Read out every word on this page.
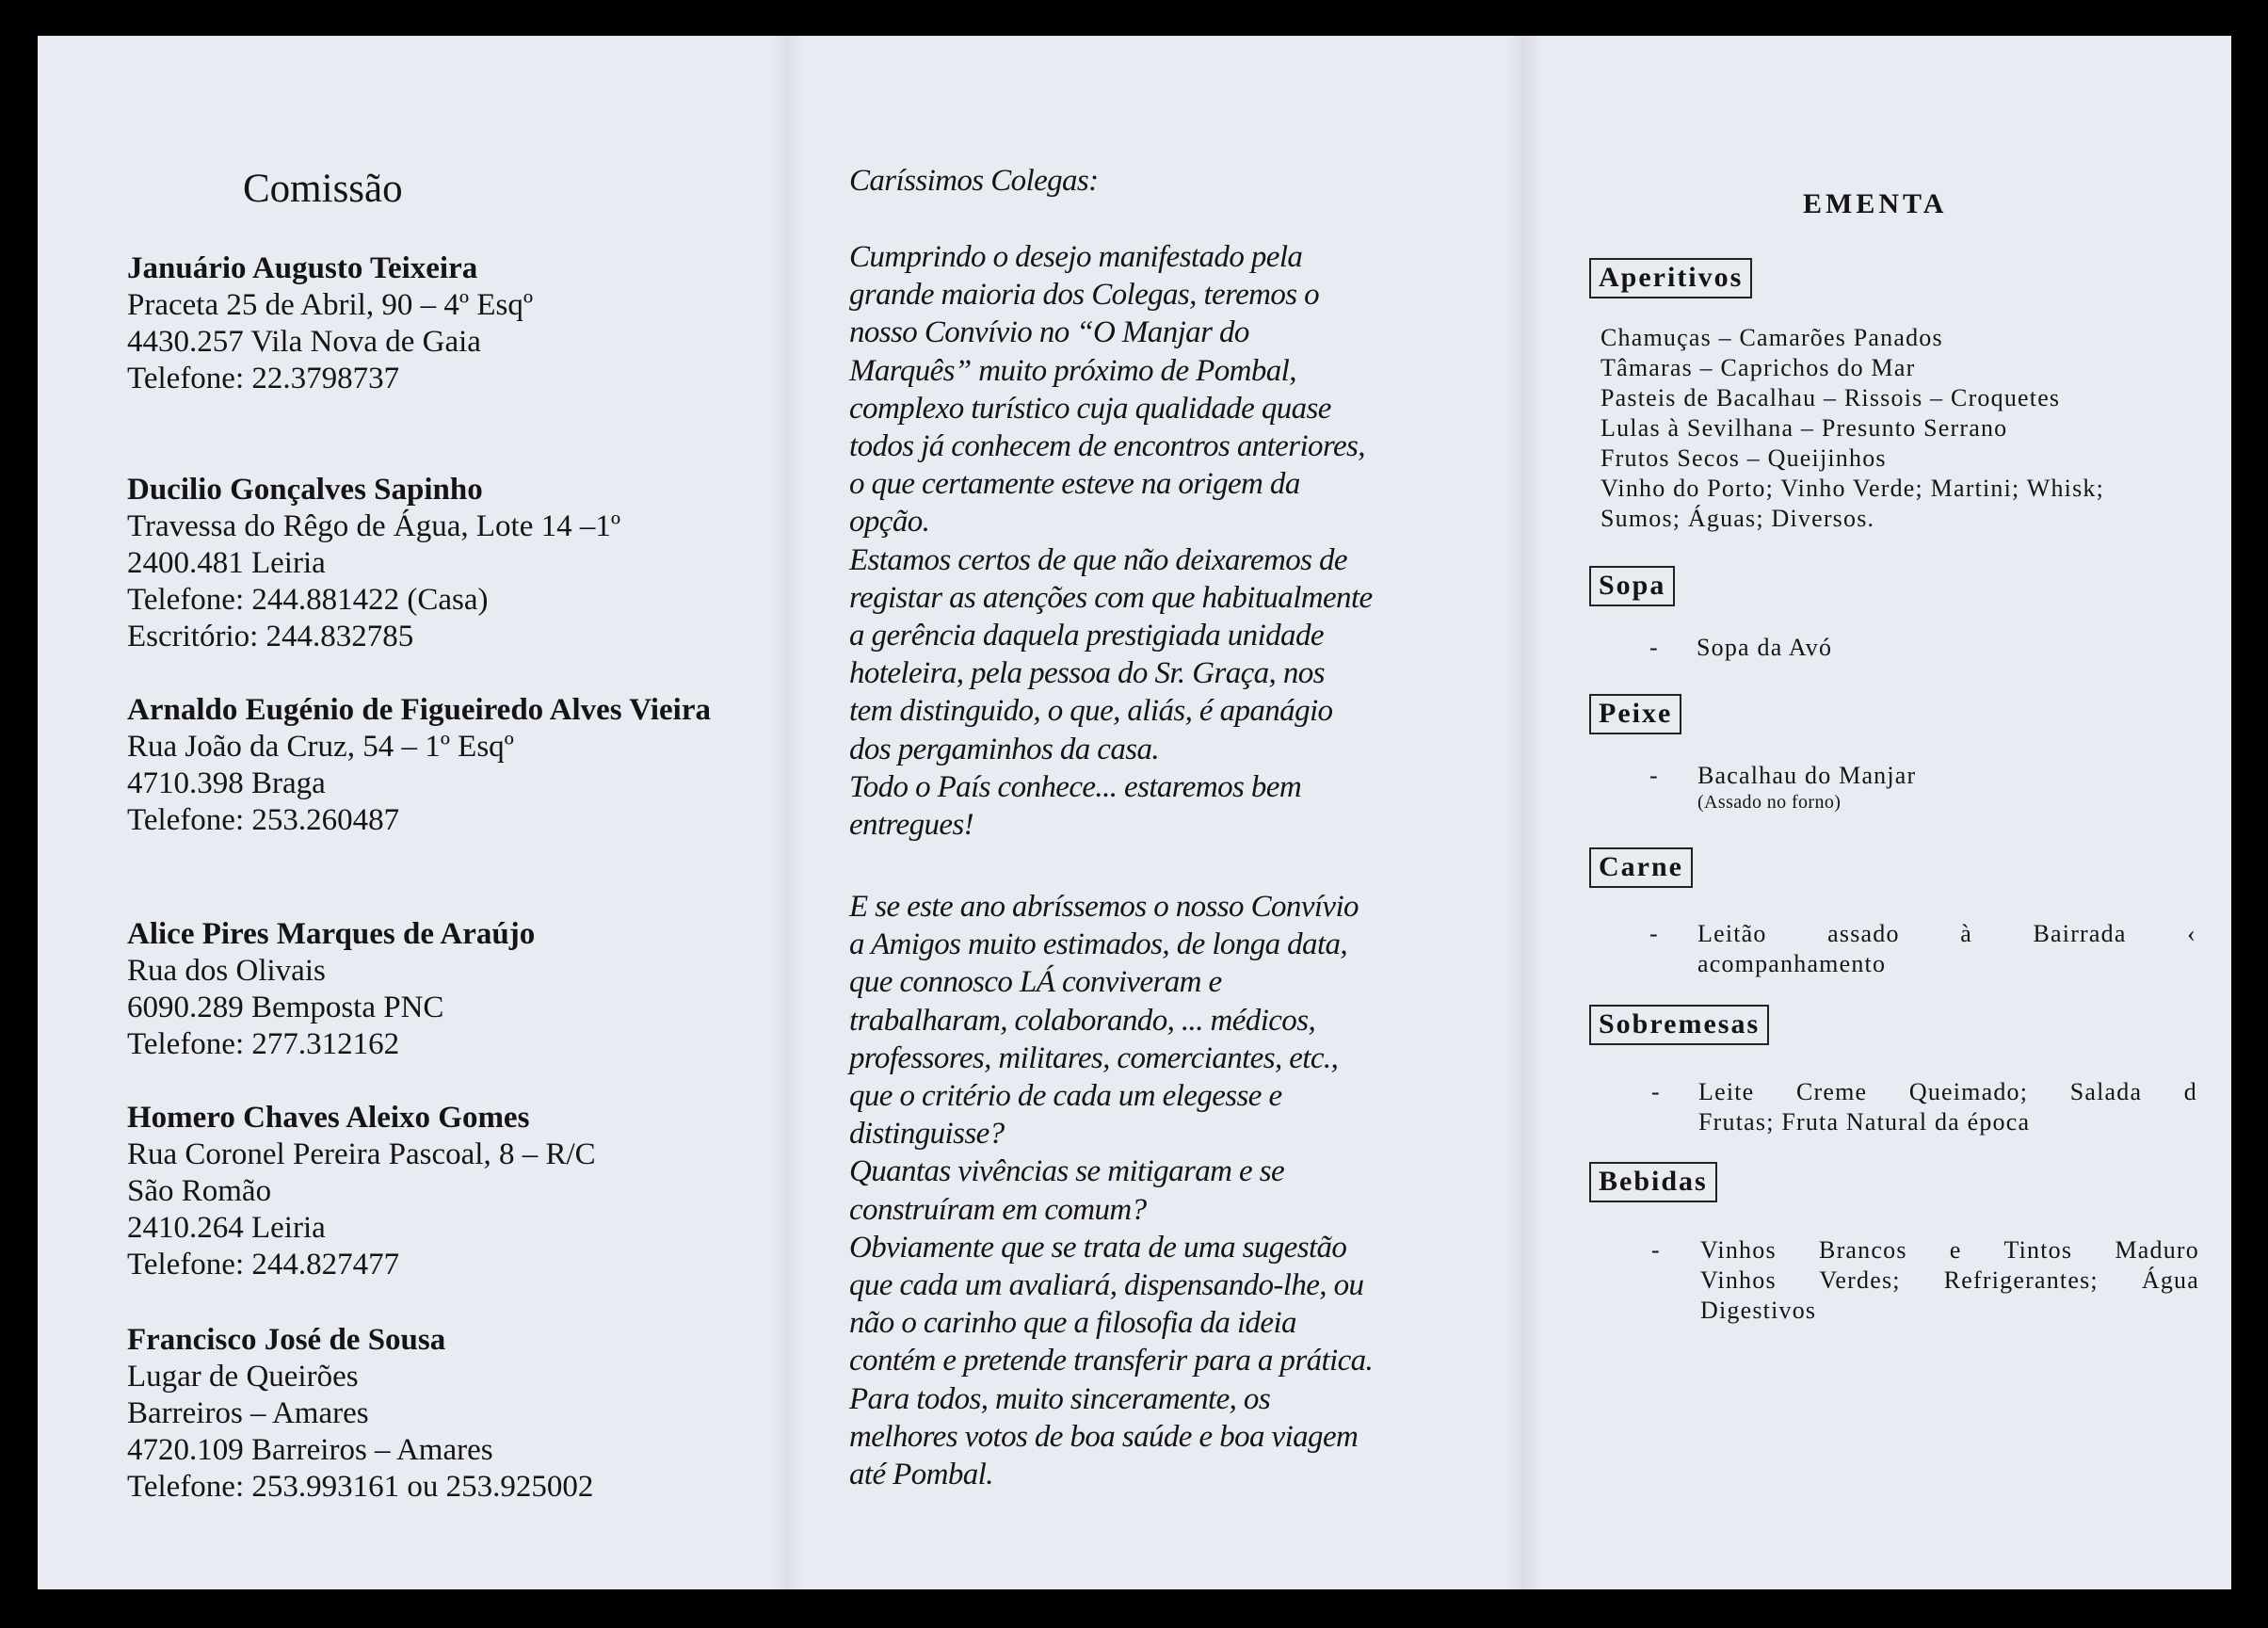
Comissão
Januário Augusto Teixeira
Praceta 25 de Abril, 90 – 4º Esqº
4430.257 Vila Nova de Gaia
Telefone: 22.3798737
Ducilio Gonçalves Sapinho
Travessa do Rêgo de Água, Lote 14 –1º
2400.481 Leiria
Telefone: 244.881422 (Casa)
Escritório: 244.832785
Arnaldo Eugénio de Figueiredo Alves Vieira
Rua João da Cruz, 54 – 1º Esqº
4710.398 Braga
Telefone: 253.260487
Alice Pires Marques de Araújo
Rua dos Olivais
6090.289 Bemposta PNC
Telefone: 277.312162
Homero Chaves Aleixo Gomes
Rua Coronel Pereira Pascoal, 8 – R/C
São Romão
2410.264 Leiria
Telefone: 244.827477
Francisco José de Sousa
Lugar de Queirões
Barreiros – Amares
4720.109 Barreiros – Amares
Telefone: 253.993161 ou 253.925002

Caríssimos Colegas:

Cumprindo o desejo manifestado pela

grande maioria dos Colegas, teremos o

nosso Convívio no “O Manjar do

Marquês” muito próximo de Pombal,

complexo turístico cuja qualidade quase

todos já conhecem de encontros anteriores,

o que certamente esteve na origem da

opção.

Estamos certos de que não deixaremos de

registar as atenções com que habitualmente

a gerência daquela prestigiada unidade

hoteleira, pela pessoa do Sr. Graça, nos

tem distinguido, o que, aliás, é apanágio

dos pergaminhos da casa.

Todo o País conhece... estaremos bem

entregues!

E se este ano abríssemos o nosso Convívio

a Amigos muito estimados, de longa data,

que connosco LÁ conviveram e

trabalharam, colaborando, ... médicos,

professores, militares, comerciantes, etc.,

que o critério de cada um elegesse e

distinguisse?

Quantas vivências se mitigaram e se

construíram em comum?

Obviamente que se trata de uma sugestão

que cada um avaliará, dispensando-lhe, ou

não o carinho que a filosofia da ideia

contém e pretende transferir para a prática.

Para todos, muito sinceramente, os

melhores votos de boa saúde e boa viagem

até Pombal.

EMENTA
Aperitivos
Chamuças – Camarões Panados
Tâmaras – Caprichos do Mar
Pasteis de Bacalhau – Rissois – Croquetes
Lulas à Sevilhana – Presunto Serrano
Frutos Secos – Queijinhos
Vinho do Porto; Vinho Verde; Martini; Whisk;
Sumos; Águas; Diversos.
Sopa
- Sopa da Avó
Peixe
- Bacalhau do Manjar
(Assado no forno)
Carne
- Leitão assado à Bairrada ‹
acompanhamento
Sobremesas
- Leite Creme Queimado; Salada d
Frutas; Fruta Natural da época
Bebidas
- Vinhos Brancos e Tintos Maduro
Vinhos Verdes; Refrigerantes; Água
Digestivos
